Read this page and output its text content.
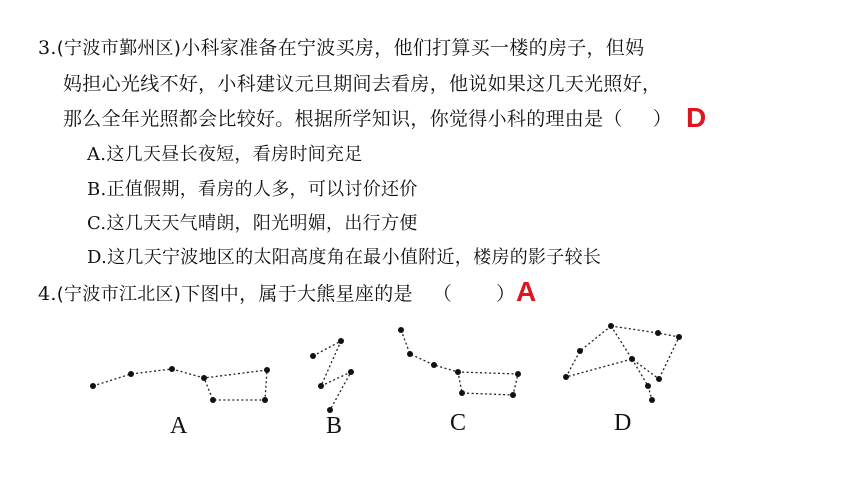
3.(宁波市鄞州区)小科家准备在宁波买房，他们打算买一楼的房子，但妈
妈担心光线不好，小科建议元旦期间去看房，他说如果这几天光照好，
那么全年光照都会比较好。根据所学知识，你觉得小科的理由是（ ） D
A.这几天昼长夜短，看房时间充足
B.正值假期，看房的人多，可以讨价还价
C.这几天天气晴朗，阳光明媚，出行方便
D.这几天宁波地区的太阳高度角在最小值附近，楼房的影子较长
4.(宁波市江北区)下图中，属于大熊星座的是 （ ） A
A	B	C	D
